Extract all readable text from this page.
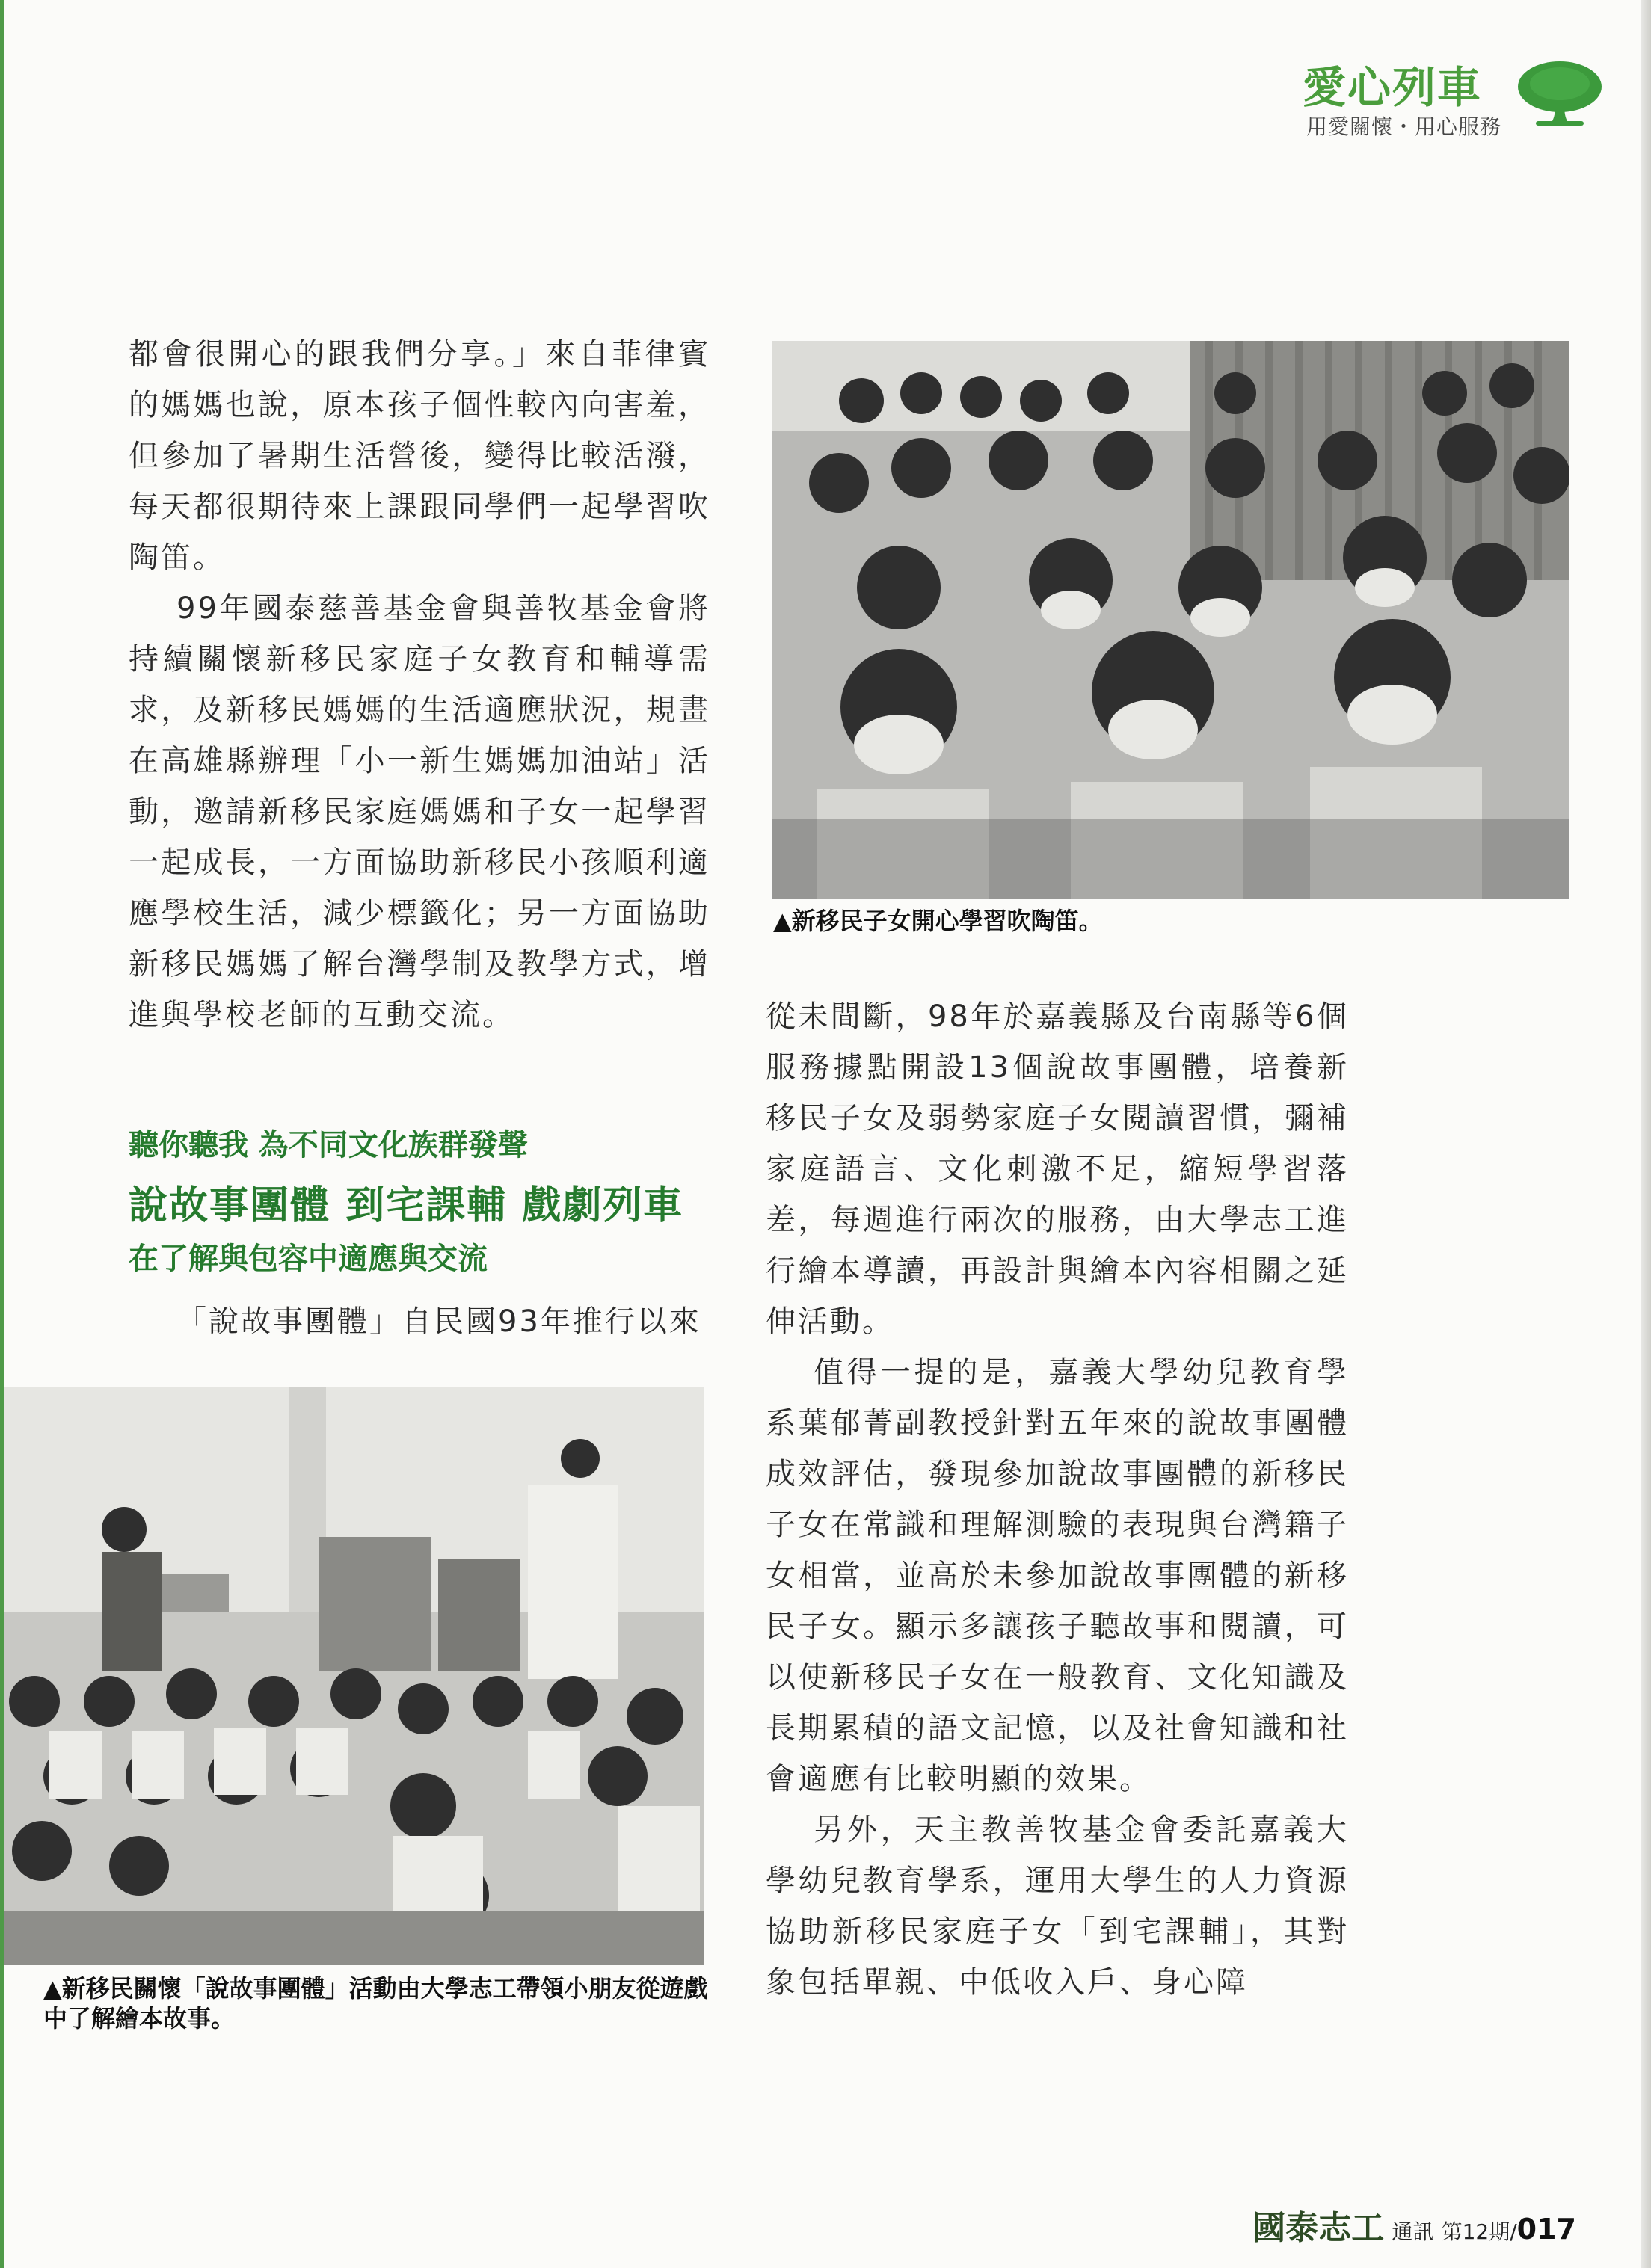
愛心列車
用愛關懷・用心服務

都會很開心的跟我們分享。」來自菲律賓的媽媽也說，原本孩子個性較內向害羞，但參加了暑期生活營後，變得比較活潑，每天都很期待來上課跟同學們一起學習吹陶笛。

99年國泰慈善基金會與善牧基金會將持續關懷新移民家庭子女教育和輔導需求，及新移民媽媽的生活適應狀況，規畫在高雄縣辦理「小一新生媽媽加油站」活動，邀請新移民家庭媽媽和子女一起學習一起成長，一方面協助新移民小孩順利適應學校生活，減少標籤化；另一方面協助新移民媽媽了解台灣學制及教學方式，增進與學校老師的互動交流。

聽你聽我 為不同文化族群發聲
說故事團體 到宅課輔 戲劇列車
在了解與包容中適應與交流

「說故事團體」自民國93年推行以來

▲新移民子女開心學習吹陶笛。
▲新移民關懷「說故事團體」活動由大學志工帶領小朋友從遊戲中了解繪本故事。

從未間斷，98年於嘉義縣及台南縣等6個服務據點開設13個說故事團體，培養新移民子女及弱勢家庭子女閱讀習慣，彌補家庭語言、文化刺激不足，縮短學習落差，每週進行兩次的服務，由大學志工進行繪本導讀，再設計與繪本內容相關之延伸活動。

值得一提的是，嘉義大學幼兒教育學系葉郁菁副教授針對五年來的說故事團體成效評估，發現參加說故事團體的新移民子女在常識和理解測驗的表現與台灣籍子女相當，並高於未參加說故事團體的新移民子女。顯示多讓孩子聽故事和閱讀，可以使新移民子女在一般教育、文化知識及長期累積的語文記憶，以及社會知識和社會適應有比較明顯的效果。

另外，天主教善牧基金會委託嘉義大學幼兒教育學系，運用大學生的人力資源協助新移民家庭子女「到宅課輔」，其對象包括單親、中低收入戶、身心障

國泰志工 通訊 第12期/017
